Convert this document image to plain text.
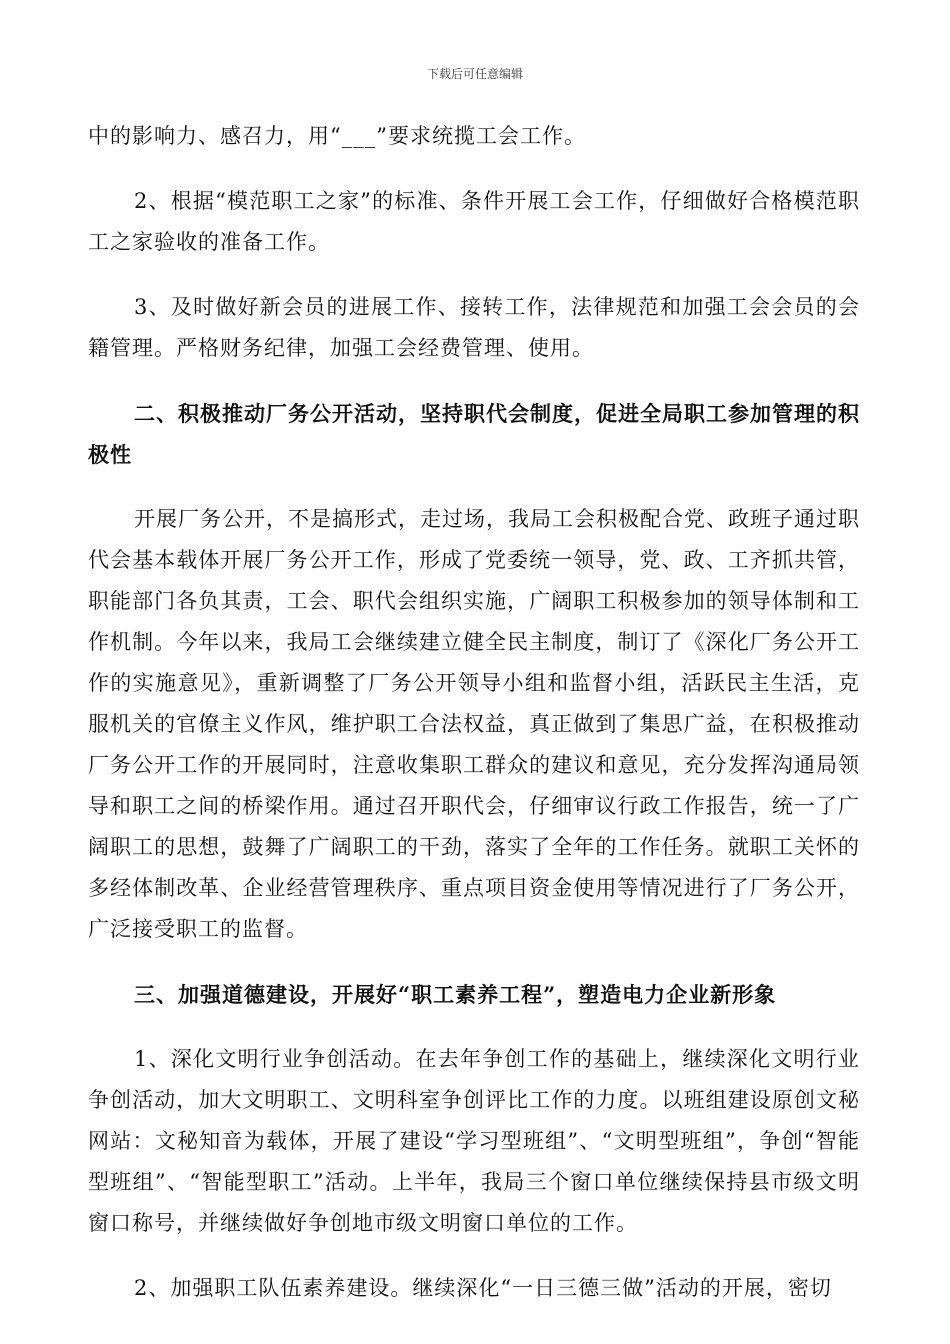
下载后可任意编辑

中的影响力、感召力，用“___”要求统揽工会工作。

2、根据“模范职工之家”的标准、条件开展工会工作，仔细做好合格模范职工之家验收的准备工作。

3、及时做好新会员的进展工作、接转工作，法律规范和加强工会会员的会籍管理。严格财务纪律，加强工会经费管理、使用。

二、积极推动厂务公开活动，坚持职代会制度，促进全局职工参加管理的积极性

开展厂务公开，不是搞形式，走过场，我局工会积极配合党、政班子通过职代会基本载体开展厂务公开工作，形成了党委统一领导，党、政、工齐抓共管，职能部门各负其责，工会、职代会组织实施，广阔职工积极参加的领导体制和工作机制。今年以来，我局工会继续建立健全民主制度，制订了《深化厂务公开工作的实施意见》，重新调整了厂务公开领导小组和监督小组，活跃民主生活，克服机关的官僚主义作风，维护职工合法权益，真正做到了集思广益，在积极推动厂务公开工作的开展同时，注意收集职工群众的建议和意见，充分发挥沟通局领导和职工之间的桥梁作用。通过召开职代会，仔细审议行政工作报告，统一了广阔职工的思想，鼓舞了广阔职工的干劲，落实了全年的工作任务。就职工关怀的多经体制改革、企业经营管理秩序、重点项目资金使用等情况进行了厂务公开，广泛接受职工的监督。

三、加强道德建设，开展好“职工素养工程”，塑造电力企业新形象

1、深化文明行业争创活动。在去年争创工作的基础上，继续深化文明行业争创活动，加大文明职工、文明科室争创评比工作的力度。以班组建设原创文秘网站：文秘知音为载体，开展了建设“学习型班组”、“文明型班组”，争创“智能型班组”、“智能型职工”活动。上半年，我局三个窗口单位继续保持县市级文明窗口称号，并继续做好争创地市级文明窗口单位的工作。

2、加强职工队伍素养建设。继续深化“一日三德三做”活动的开展，密切
